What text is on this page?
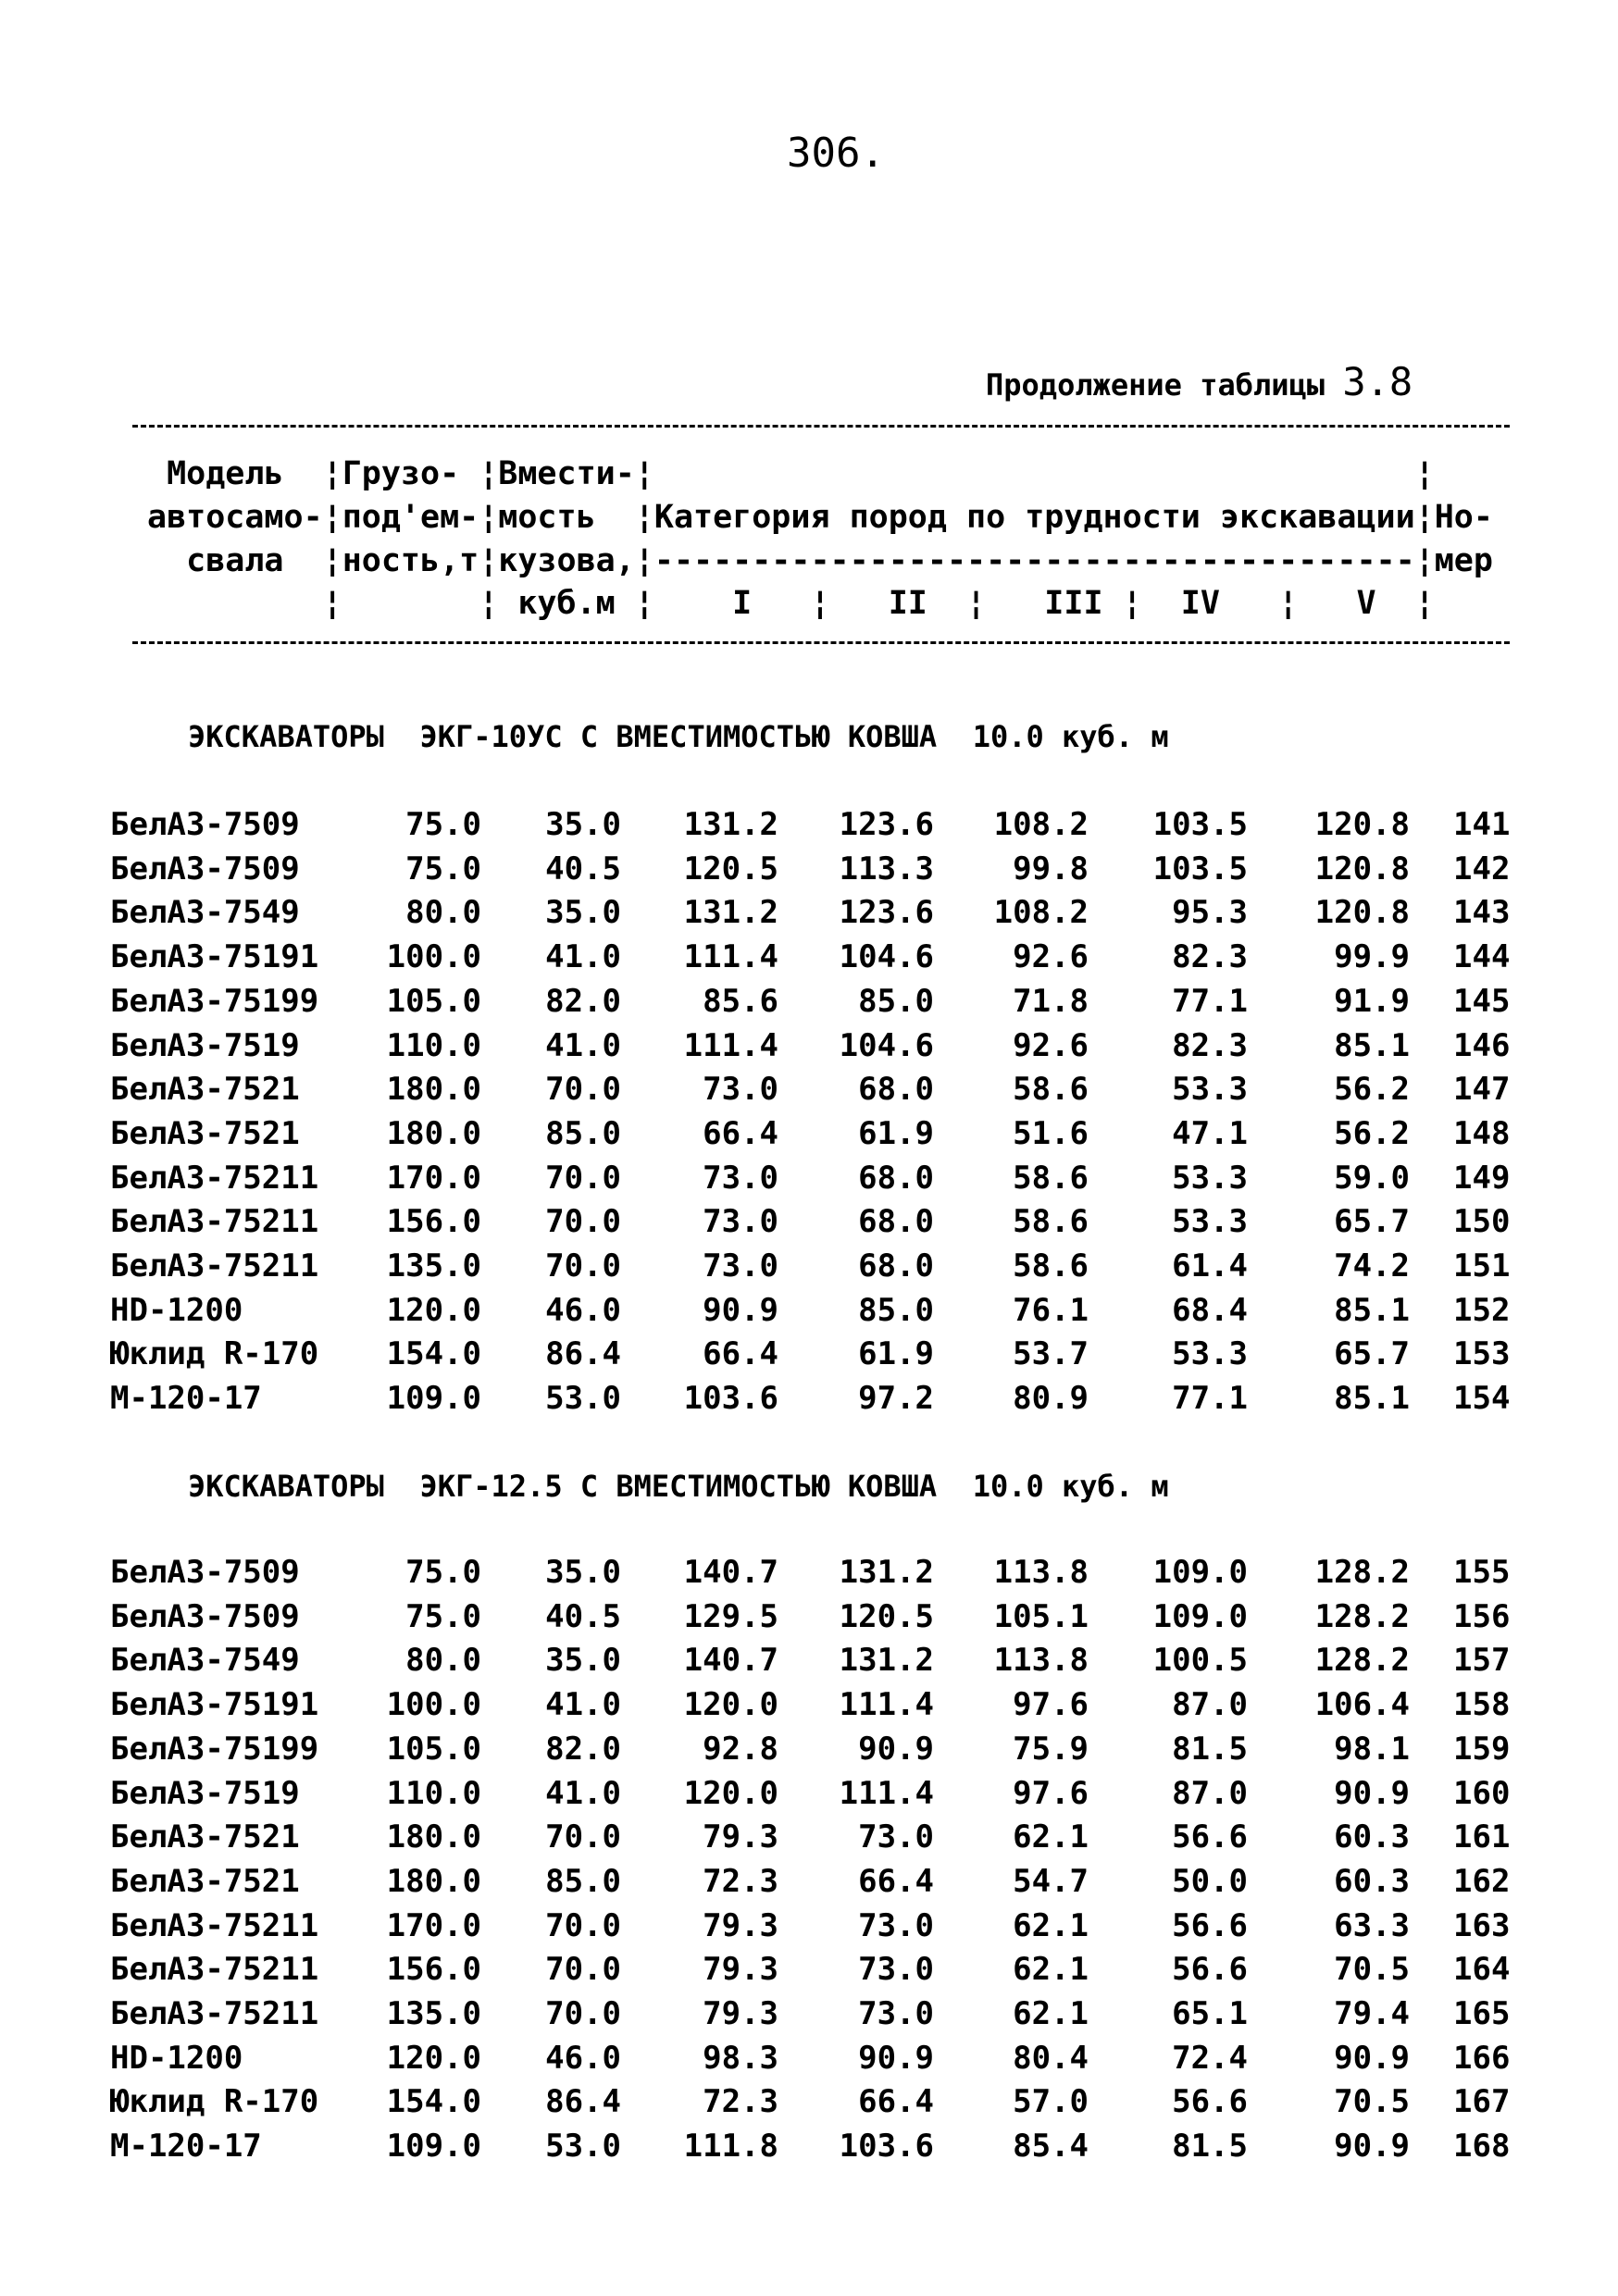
306.
Продолжение таблицы 3.8
Модель  ¦Грузо- ¦Вмести-¦                                       ¦
автосамо-¦под'ем-¦мость  ¦Категория пород по трудности экскавации¦Но-
свала  ¦ность,т¦кузова,¦---------------------------------------¦мер
¦       ¦ куб.м ¦    I   ¦   II  ¦   III ¦  IV   ¦   V  ¦
ЭКСКАВАТОРЫ  ЭКГ-10УС С ВМЕСТИМОСТЬЮ КОВША  10.0 куб. м
БелАЗ-7509	75.0 35.0 131.2 123.6 108.2 103.5 120.8 141
БелАЗ-7509	75.0 40.5 120.5 113.3	99.8 103.5 120.8 142
БелАЗ-7549	80.0 35.0 131.2 123.6 108.2	95.3 120.8 143
БелАЗ-75191 100.0 41.0 111.4 104.6	92.6	82.3	99.9 144
БелАЗ-75199 105.0 82.0	85.6	85.0	71.8	77.1	91.9 145
БелАЗ-7519	110.0 41.0 111.4 104.6	92.6	82.3	85.1 146
БелАЗ-7521	180.0 70.0	73.0	68.0	58.6	53.3	56.2 147
БелАЗ-7521	180.0 85.0	66.4	61.9	51.6	47.1	56.2 148
БелАЗ-75211 170.0 70.0	73.0	68.0	58.6	53.3	59.0 149
БелАЗ-75211 156.0 70.0	73.0	68.0	58.6	53.3	65.7 150
БелАЗ-75211 135.0 70.0	73.0	68.0	58.6	61.4	74.2 151
HD-1200	120.0 46.0	90.9	85.0	76.1	68.4	85.1 152
Юклид R-170 154.0 86.4	66.4	61.9	53.7	53.3	65.7 153
М-120-17	109.0 53.0 103.6	97.2	80.9	77.1	85.1 154
ЭКСКАВАТОРЫ  ЭКГ-12.5 С ВМЕСТИМОСТЬЮ КОВША  10.0 куб. м
БелАЗ-7509	75.0 35.0 140.7 131.2 113.8 109.0 128.2 155
БелАЗ-7509	75.0 40.5 129.5 120.5 105.1 109.0 128.2 156
БелАЗ-7549	80.0 35.0 140.7 131.2 113.8 100.5 128.2 157
БелАЗ-75191 100.0 41.0 120.0 111.4	97.6	87.0 106.4 158
БелАЗ-75199 105.0 82.0	92.8	90.9	75.9	81.5	98.1 159
БелАЗ-7519	110.0 41.0 120.0 111.4	97.6	87.0	90.9 160
БелАЗ-7521	180.0 70.0	79.3	73.0	62.1	56.6	60.3 161
БелАЗ-7521	180.0 85.0	72.3	66.4	54.7	50.0	60.3 162
БелАЗ-75211 170.0 70.0	79.3	73.0	62.1	56.6	63.3 163
БелАЗ-75211 156.0 70.0	79.3	73.0	62.1	56.6	70.5 164
БелАЗ-75211 135.0 70.0	79.3	73.0	62.1	65.1	79.4 165
HD-1200	120.0 46.0	98.3	90.9	80.4	72.4	90.9 166
Юклид R-170 154.0 86.4	72.3	66.4	57.0	56.6	70.5 167
М-120-17	109.0 53.0 111.8 103.6	85.4	81.5	90.9 168
